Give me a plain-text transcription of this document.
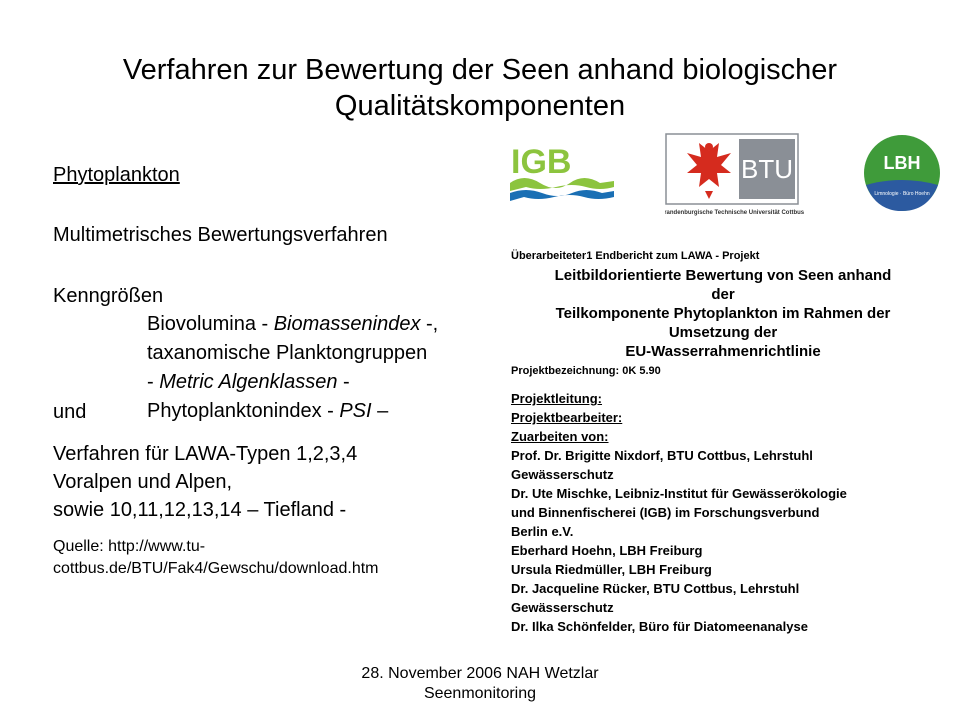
Verfahren zur Bewertung der Seen anhand biologischer
Qualitätskomponenten
Phytoplankton
Multimetrisches Bewertungsverfahren
Kenngrößen
Biovolumina - Biomassenindex -,
taxanomische Planktongruppen
- Metric Algenklassen -
und	Phytoplanktonindex - PSI –
Verfahren für LAWA-Typen 1,2,3,4
Voralpen und Alpen,
sowie 10,11,12,13,14 – Tiefland -
Quelle: http://www.tu-
cottbus.de/BTU/Fak4/Gewschu/download.htm
IGB	BTU
Brandenburgische Technische Universität Cottbus
LBH
Limnologie · Büro Hoehn
Überarbeiteter1 Endbericht zum LAWA - Projekt
Leitbildorientierte Bewertung von Seen anhand
der
Teilkomponente Phytoplankton im Rahmen der
Umsetzung der
EU-Wasserrahmenrichtlinie
Projektbezeichnung: 0K 5.90
Projektleitung:
Projektbearbeiter:
Zuarbeiten von:
Prof. Dr. Brigitte Nixdorf, BTU Cottbus, Lehrstuhl
Gewässerschutz
Dr. Ute Mischke, Leibniz-Institut für Gewässerökologie
und Binnenfischerei (IGB) im Forschungsverbund
Berlin e.V.
Eberhard Hoehn, LBH Freiburg
Ursula Riedmüller, LBH Freiburg
Dr. Jacqueline Rücker, BTU Cottbus, Lehrstuhl
Gewässerschutz
Dr. Ilka Schönfelder, Büro für Diatomeenanalyse
28. November 2006 NAH Wetzlar
Seenmonitoring
